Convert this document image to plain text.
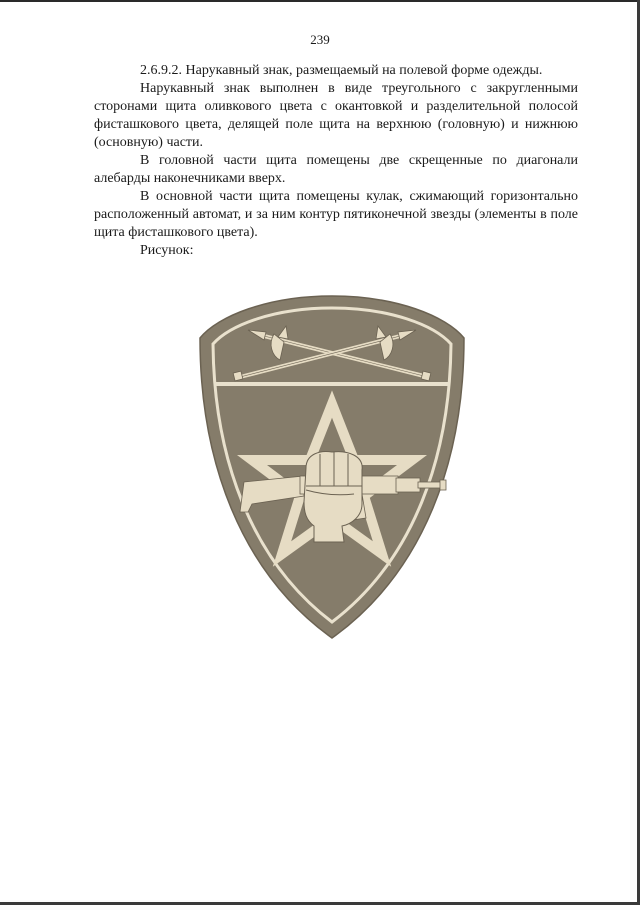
239

2.6.9.2. Нарукавный знак, размещаемый на полевой форме одежды.

Нарукавный знак выполнен в виде треугольного с закругленными сторонами щита оливкового цвета с окантовкой и разделительной полосой фисташкового цвета, делящей поле щита на верхнюю (головную) и нижнюю (основную) части.

В головной части щита помещены две скрещенные по диагонали алебарды наконечниками вверх.

В основной части щита помещены кулак, сжимающий горизонтально расположенный автомат, и за ним контур пятиконечной звезды (элементы в поле щита фисташкового цвета).

Рисунок:
